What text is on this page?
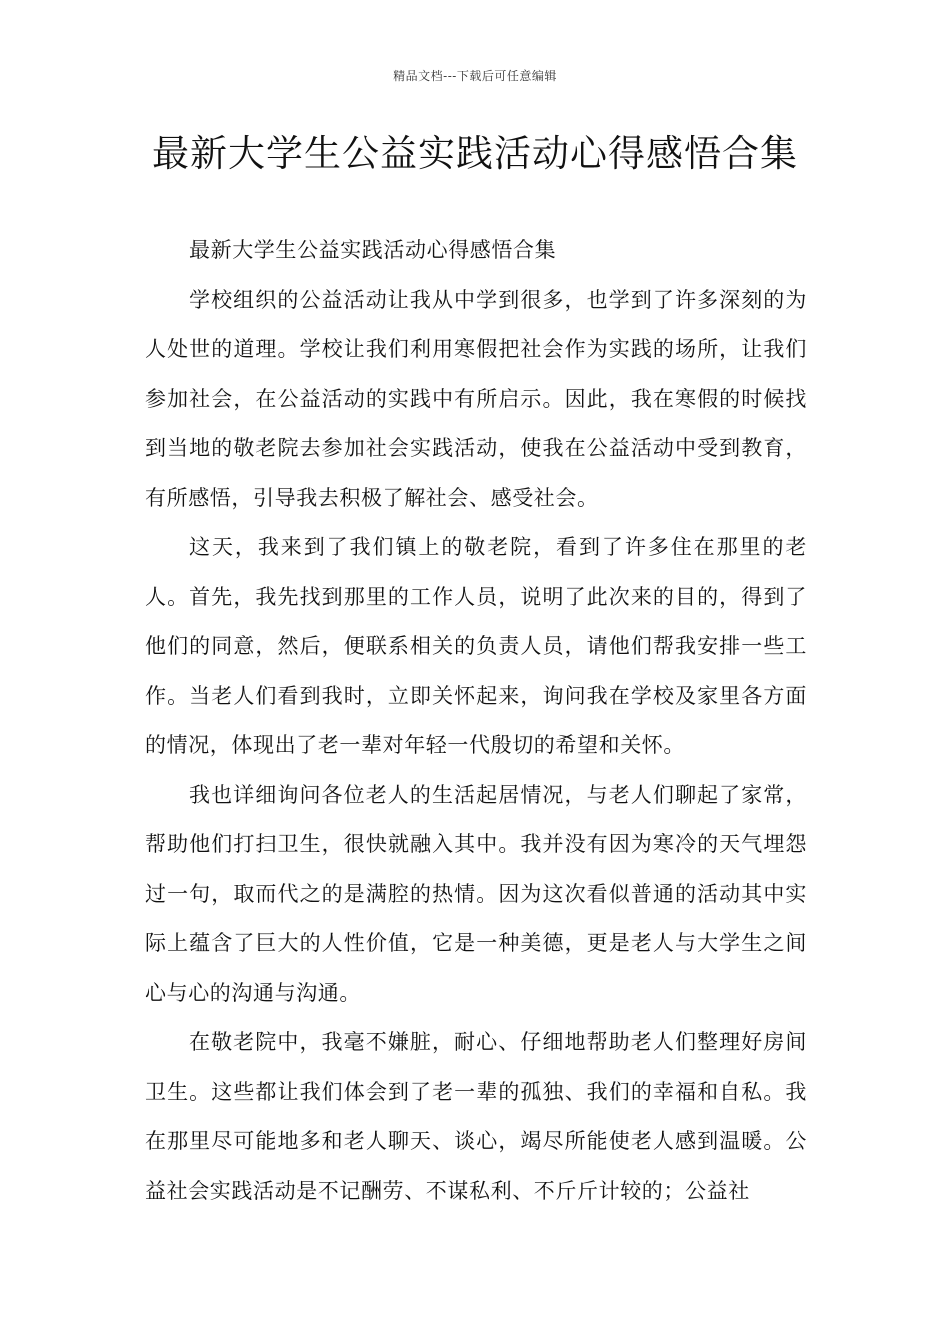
精品文档---下载后可任意编辑
最新大学生公益实践活动心得感悟合集

最新大学生公益实践活动心得感悟合集

学校组织的公益活动让我从中学到很多，也学到了许多深刻的为人处世的道理。学校让我们利用寒假把社会作为实践的场所，让我们参加社会，在公益活动的实践中有所启示。因此，我在寒假的时候找到当地的敬老院去参加社会实践活动，使我在公益活动中受到教育，有所感悟，引导我去积极了解社会、感受社会。

这天，我来到了我们镇上的敬老院，看到了许多住在那里的老人。首先，我先找到那里的工作人员，说明了此次来的目的，得到了他们的同意，然后，便联系相关的负责人员，请他们帮我安排一些工作。当老人们看到我时，立即关怀起来，询问我在学校及家里各方面的情况，体现出了老一辈对年轻一代殷切的希望和关怀。

我也详细询问各位老人的生活起居情况，与老人们聊起了家常，帮助他们打扫卫生，很快就融入其中。我并没有因为寒冷的天气埋怨过一句，取而代之的是满腔的热情。因为这次看似普通的活动其中实际上蕴含了巨大的人性价值，它是一种美德，更是老人与大学生之间心与心的沟通与沟通。

在敬老院中，我毫不嫌脏，耐心、仔细地帮助老人们整理好房间卫生。这些都让我们体会到了老一辈的孤独、我们的幸福和自私。我在那里尽可能地多和老人聊天、谈心，竭尽所能使老人感到温暖。公益社会实践活动是不记酬劳、不谋私利、不斤斤计较的；公益社
